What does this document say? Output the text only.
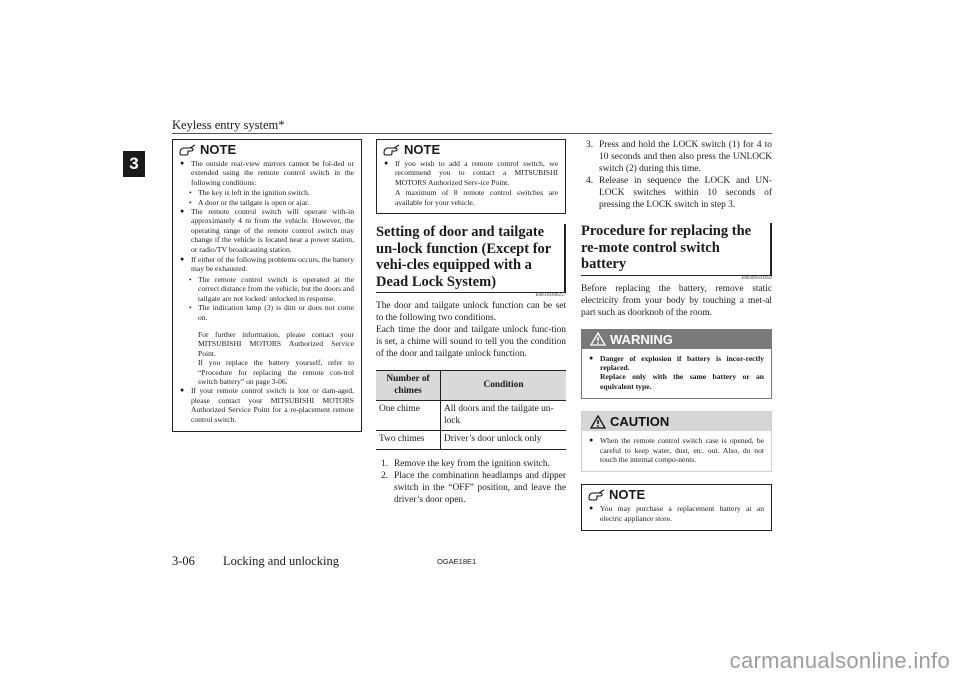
Keyless entry system*
3
NOTE
● The outside rear-view mirrors cannot be fol-ded or extended using the remote control switch in the following conditions:
• The key is left in the ignition switch.
• A door or the tailgate is open or ajar.
● The remote control switch will operate with-in approximately 4 m from the vehicle. However, the operating range of the remote control switch may change if the vehicle is located near a power station, or radio/TV broadcasting station.
● If either of the following problems occurs, the battery may be exhausted.
• The remote control switch is operated at the correct distance from the vehicle, but the doors and tailgate are not locked/ unlocked in response.
• The indication lamp (3) is dim or does not come on.
For further information, please contact your MITSUBISHI MOTORS Authorized Service Point.
If you replace the battery yourself, refer to “Procedure for replacing the remote con-trol switch battery” on page 3-06.
● If your remote control switch is lost or dam-aged, please contact your MITSUBISHI MOTORS Authorized Service Point for a re-placement remote control switch.
NOTE
● If you wish to add a remote control switch, we recommend you to contact a MITSUBISHI MOTORS Authorized Serv-ice Point.
A maximum of 8 remote control switches are available for your vehicle.
Setting of door and tailgate un-lock function (Except for vehi-cles equipped with a Dead Lock System)
E00310300257
The door and tailgate unlock function can be set to the following two conditions.
Each time the door and tailgate unlock func-tion is set, a chime will sound to tell you the condition of the door and tailgate unlock function.
Number of chimes	Condition
One chime	All doors and the tailgate un-lock
Two chimes	Driver’s door unlock only
1. Remove the key from the ignition switch.
2. Place the combination headlamps and dipper switch in the “OFF” position, and leave the driver’s door open.
3. Press and hold the LOCK switch (1) for 4 to 10 seconds and then also press the UNLOCK switch (2) during this time.
4. Release in sequence the LOCK and UN-LOCK switches within 10 seconds of pressing the LOCK switch in step 3.
Procedure for replacing the re-mote control switch battery
E00309501692
Before replacing the battery, remove static electricity from your body by touching a met-al part such as doorknob of the room.
WARNING
● Danger of explosion if battery is incor-rectly replaced.
Replace only with the same battery or an equivalent type.
CAUTION
● When the remote control switch case is opened, be careful to keep water, dust, etc. out. Also, do not touch the internal compo-nents.
NOTE
● You may purchase a replacement battery at an electric appliance store.
3-06 Locking and unlocking	OGAE18E1
carmanualsonline.info
